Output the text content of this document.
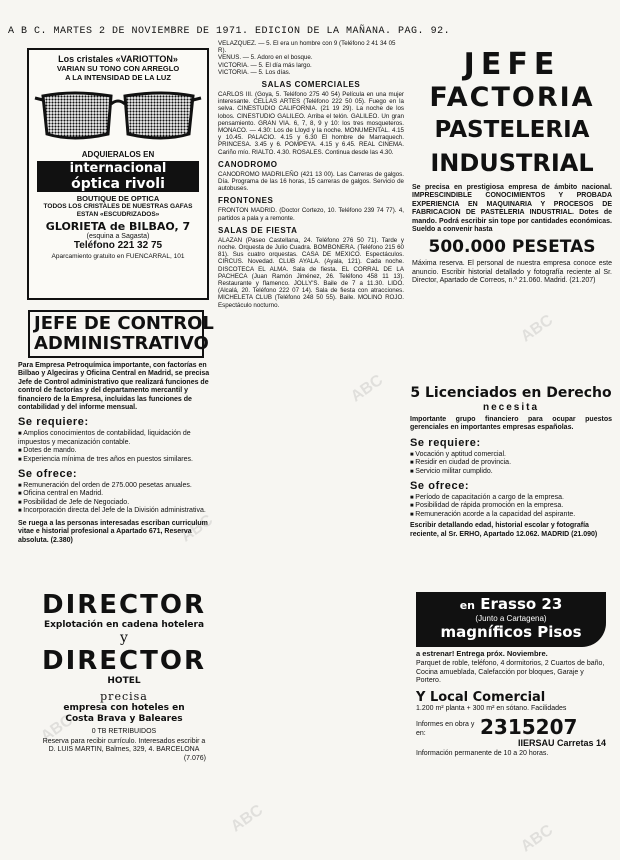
A B C. MARTES 2 DE NOVIEMBRE DE 1971. EDICION DE LA MAÑANA. PAG. 92.
ABC
ABC
ABC
ABC
ABC
ABC
Los cristales «VARIOTTON»
VARIAN SU TONO CON ARREGLO
A LA INTENSIDAD DE LA LUZ
ADQUIERALOS EN
internacional
óptica rivoli
BOUTIQUE DE OPTICA
TODOS LOS CRISTALES DE NUESTRAS GAFAS ESTAN «ESCUDRIZADOS»
GLORIETA de BILBAO, 7
(esquina a Sagasta)
Teléfono 221 32 75
Aparcamiento gratuito en FUENCARRAL, 101
JEFE DE CONTROL
ADMINISTRATIVO
Para Empresa Petroquímica importante, con factorías en Bilbao y Algeciras y Oficina Central en Madrid, se precisa Jefe de Control administrativo que realizará funciones de control de factorías y del departamento mercantil y financiero de la Empresa, incluidas las funciones de contabilidad y del informe mensual.
Se requiere:
■ Amplios conocimientos de contabilidad, liquidación de impuestos y mecanización contable.
■ Dotes de mando.
■ Experiencia mínima de tres años en puestos similares.
Se ofrece:
■ Remuneración del orden de 275.000 pesetas anuales.
■ Oficina central en Madrid.
■ Posibilidad de Jefe de Negociado.
■ Incorporación directa del Jefe de la División administrativa.
Se ruega a las personas interesadas escriban curriculum vitae e historial profesional a Apartado 671, Reserva absoluta. (2.380)
DIRECTOR
Explotación en cadena hotelera
y
DIRECTOR
HOTEL
precisa
empresa con hoteles en Costa Brava y Baleares
0 TB RETRIBUIDOS
Reserva para recibir currículo. Interesados escribir a D. LUIS MARTIN, Balmes, 329, 4. BARCELONA
(7.076)
VELAZQUEZ. — 5. El era un hombre con 9 (Teléfono 2 41 34 05 R).
VENUS. — 5. Adoro en el bosque.
VICTORIA. — 5. El día más largo.
VICTORIA. — 5. Los días.
SALAS COMERCIALES
CARLOS III. (Goya, 5. Teléfono 275 40 54) Película en una mujer interesante. CELLAS ARTES (Teléfono 222 50 05). Fuego en la selva. CINESTUDIO CALIFORNIA. (21 19 29). La noche de los lobos. CINESTUDIO GALILEO. Arriba el telón. GALILEO. Un gran pensamiento. GRAN VIA. 6, 7, 8, 9 y 10: los tres mosqueteros. MONACO. — 4.30: Los de Lloyd y la noche. MONUMENTAL. 4.15 y 10.45. PALACIO. 4.15 y 6.30 El hombre de Marraquech. PRINCESA. 3.45 y 6. POMPEYA. 4.15 y 6.45. REAL CINEMA. Cariño mío. RIALTO. 4.30. ROSALES. Continua desde las 4.30.
CANODROMO
CANODROMO MADRILEÑO (421 13 00). Las Carreras de galgos. Día. Programa de las 16 horas, 15 carreras de galgos. Servicio de autobuses.
FRONTONES
FRONTON MADRID. (Doctor Cortezo, 10. Teléfono 239 74 77). 4, partidos a pala y a remonte.
SALAS DE FIESTA
ALAZAN (Paseo Castellana, 24. Teléfono 276 50 71). Tarde y noche. Orquesta de Julio Cuadra. BOMBONERA. (Teléfono 215 60 81). Sus cuatro orquestas. CASA DE MEXICO. Espectáculos. CIRCUS. Novedad. CLUB AYALA. (Ayala, 121). Cada noche. DISCOTECA EL ALMA. Sala de fiesta. EL CORRAL DE LA PACHECA (Juan Ramón Jiménez, 26. Teléfono 458 11 13). Restaurante y flamenco. JOLLY'S. Baile de 7 a 11.30. LIDO. (Alcalá, 20. Teléfono 222 07 14). Sala de fiesta con atracciones. MICHELETA CLUB (Teléfono 248 50 55). Baile. MOLINO ROJO. Espectáculo nocturno.
JEFE
FACTORIA
PASTELERIA
INDUSTRIAL
Se precisa en prestigiosa empresa de ámbito nacional. IMPRESCINDIBLE CONOCIMIENTOS Y PROBADA EXPERIENCIA EN MAQUINARIA Y PROCESOS DE FABRICACION DE PASTELERIA INDUSTRIAL. Dotes de mando. Podrá escribir sin tope por cantidades económicas. Sueldo a convenir hasta
500.000 PESETAS
Máxima reserva. El personal de nuestra empresa conoce este anuncio. Escribir historial detallado y fotografía reciente al Sr. Director, Apartado de Correos, n.º 21.060. Madrid. (21.207)
5 Licenciados en Derecho
necesita
Importante grupo financiero para ocupar puestos gerenciales en importantes empresas españolas.
Se requiere:
■ Vocación y aptitud comercial.
■ Residir en ciudad de provincia.
■ Servicio militar cumplido.
Se ofrece:
■ Período de capacitación a cargo de la empresa.
■ Posibilidad de rápida promoción en la empresa.
■ Remuneración acorde a la capacidad del aspirante.
Escribir detallando edad, historial escolar y fotografía reciente, al Sr. ERHO, Apartado 12.062. MADRID (21.090)
en Erasso 23
(Junto a Cartagena)
magníficos Pisos
a estrenar! Entrega próx. Noviembre.
Parquet de roble, teléfono, 4 dormitorios, 2 Cuartos de baño, Cocina amueblada, Calefacción por bloques, Garaje y Portero.
Y Local Comercial
1.200 m² planta + 300 m² en sótano. Facilidades
Informes en obra y en:	2315207
IIERSAU Carretas 14
Información permanente de 10 a 20 horas.
